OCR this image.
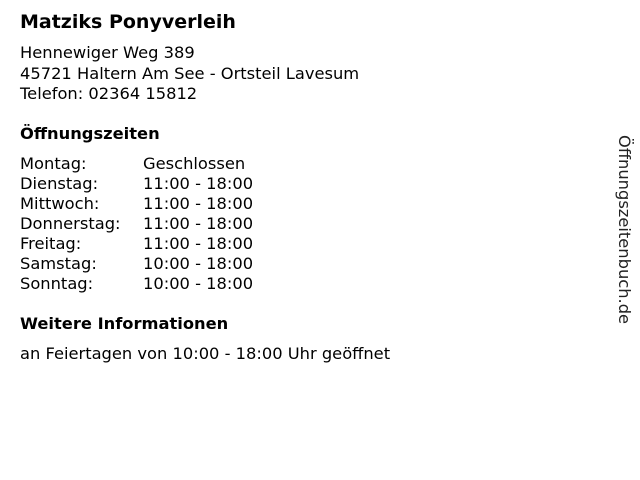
Matziks Ponyverleih
Hennewiger Weg 389
45721 Haltern Am See - Ortsteil Lavesum
Telefon: 02364 15812
Öffnungszeiten
Montag:	Geschlossen
Dienstag:	11:00 - 18:00
Mittwoch:	11:00 - 18:00
Donnerstag: 11:00 - 18:00
Freitag:	11:00 - 18:00
Samstag:	10:00 - 18:00
Sonntag:	10:00 - 18:00
Weitere Informationen
an Feiertagen von 10:00 - 18:00 Uhr geöffnet
Öffnungszeitenbuch.de
